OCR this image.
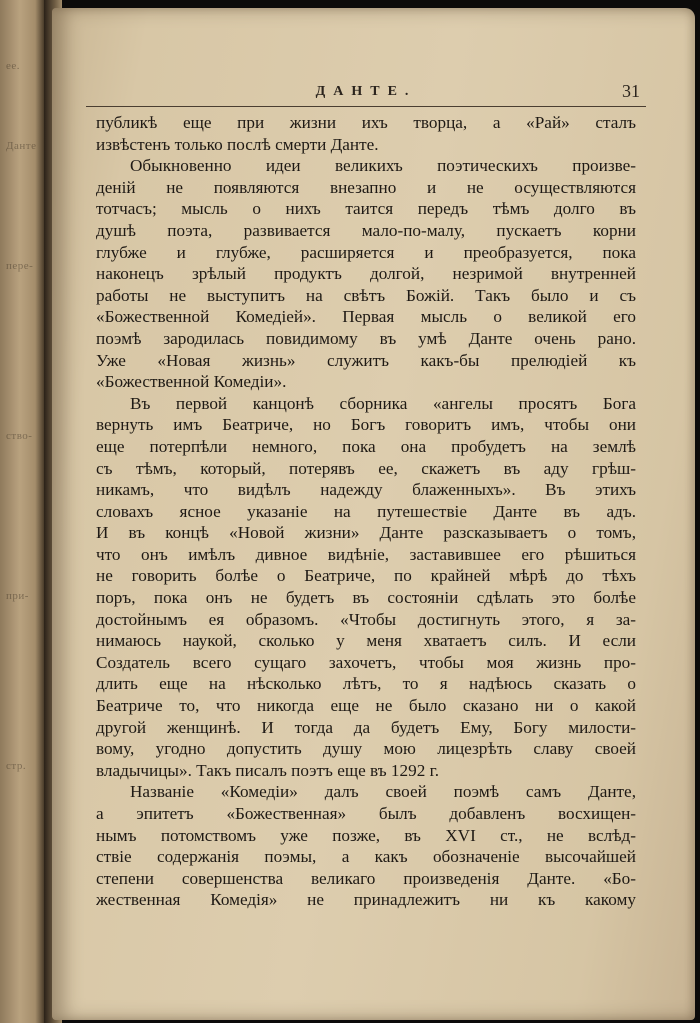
ее.
Данте
пере-
ство-
при-
стр.
ДАНТЕ.	31
публикѣ еще при жизни ихъ творца, а «Рай» сталъ
извѣстенъ только послѣ смерти Данте.
Обыкновенно идеи великихъ поэтическихъ произве-
деній не появляются внезапно и не осуществляются
тотчасъ; мысль о нихъ таится передъ тѣмъ долго въ
душѣ поэта, развивается мало-по-малу, пускаетъ корни
глубже и глубже, расширяется и преобразуется, пока
наконецъ зрѣлый продуктъ долгой, незримой внутренней
работы не выступитъ на свѣтъ Божій. Такъ было и съ
«Божественной Комедіей». Первая мысль о великой его
поэмѣ зародилась повидимому въ умѣ Данте очень рано.
Уже «Новая жизнь» служитъ какъ-бы прелюдіей къ
«Божественной Комедіи».
Въ первой канцонѣ сборника «ангелы просятъ Бога
вернуть имъ Беатриче, но Богъ говоритъ имъ, чтобы они
еще потерпѣли немного, пока она пробудетъ на землѣ
съ тѣмъ, который, потерявъ ее, скажетъ въ аду грѣш-
никамъ, что видѣлъ надежду блаженныхъ». Въ этихъ
словахъ ясное указаніе на путешествіе Данте въ адъ.
И въ концѣ «Новой жизни» Данте разсказываетъ о томъ,
что онъ имѣлъ дивное видѣніе, заставившее его рѣшиться
не говорить болѣе о Беатриче, по крайней мѣрѣ до тѣхъ
поръ, пока онъ не будетъ въ состояніи сдѣлать это болѣе
достойнымъ ея образомъ. «Чтобы достигнуть этого, я за-
нимаюсь наукой, сколько у меня хватаетъ силъ. И если
Создатель всего сущаго захочетъ, чтобы моя жизнь про-
длить еще на нѣсколько лѣтъ, то я надѣюсь сказать о
Беатриче то, что никогда еще не было сказано ни о какой
другой женщинѣ. И тогда да будетъ Ему, Богу милости-
вому, угодно допустить душу мою лицезрѣть славу своей
владычицы». Такъ писалъ поэтъ еще въ 1292 г.
Названіе «Комедіи» далъ своей поэмѣ самъ Данте,
а эпитетъ «Божественная» былъ добавленъ восхищен-
нымъ потомствомъ уже позже, въ XVI ст., не вслѣд-
ствіе содержанія поэмы, а какъ обозначеніе высочайшей
степени совершенства великаго произведенія Данте. «Бо-
жественная Комедія» не принадлежитъ ни къ какому
